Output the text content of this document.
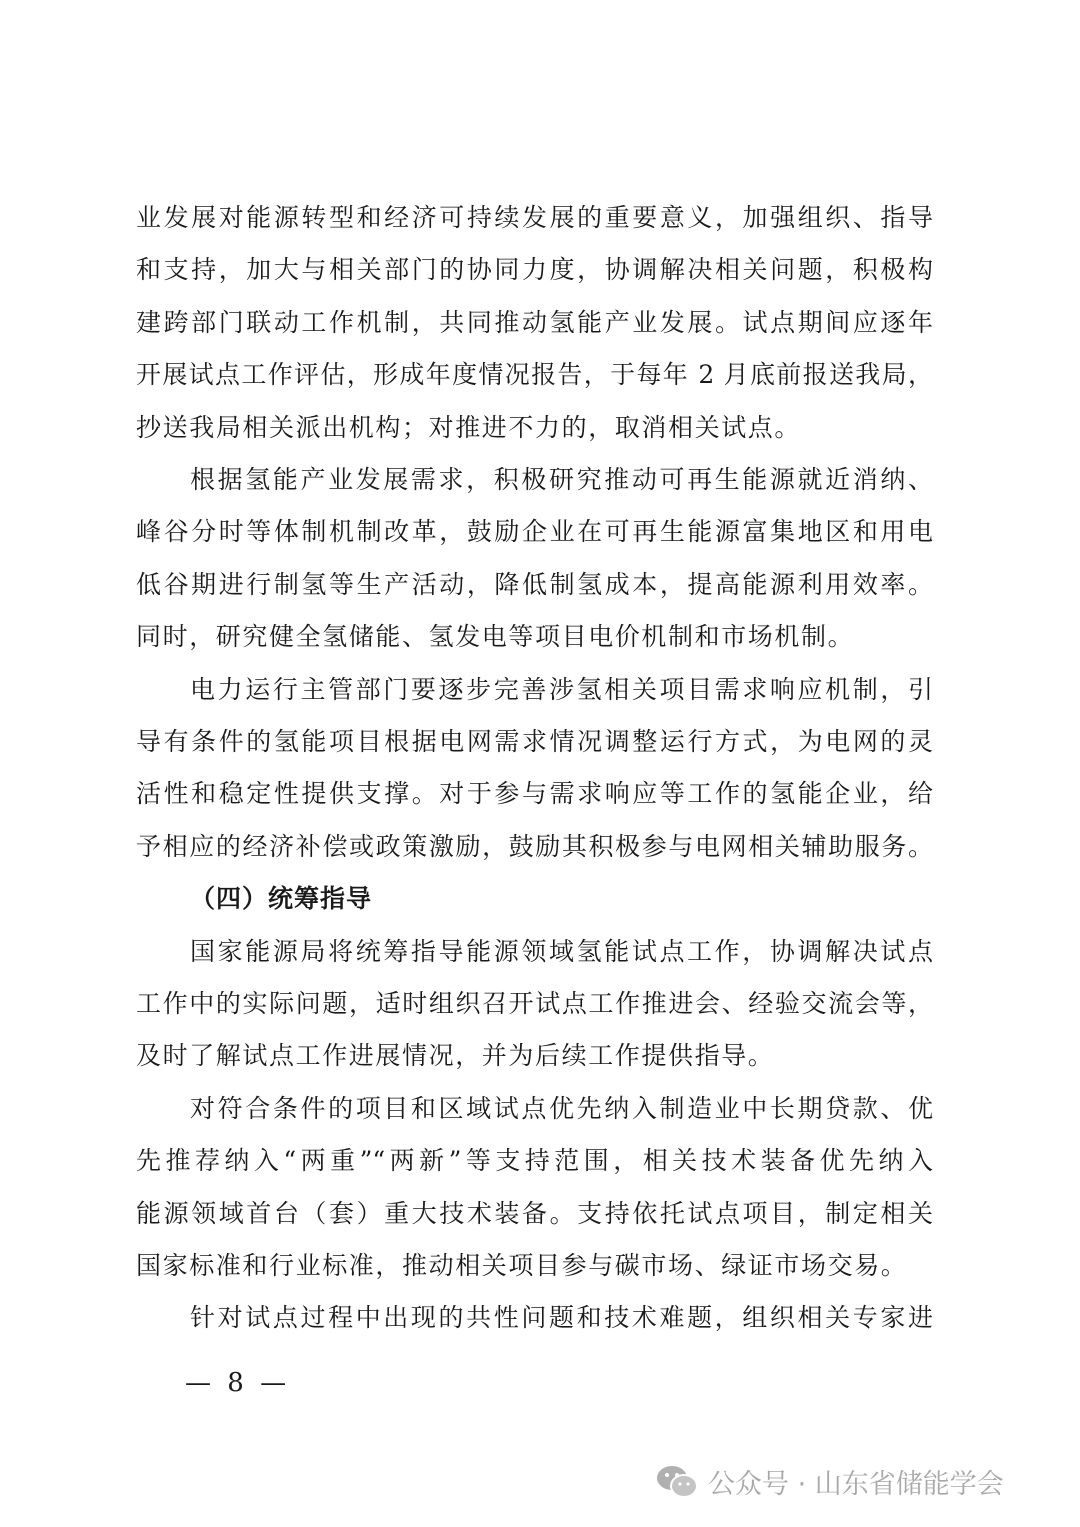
业发展对能源转型和经济可持续发展的重要意义，加强组织、指导
和支持，加大与相关部门的协同力度，协调解决相关问题，积极构
建跨部门联动工作机制，共同推动氢能产业发展。试点期间应逐年
开展试点工作评估，形成年度情况报告，于每年 2 月底前报送我局，
抄送我局相关派出机构；对推进不力的，取消相关试点。
根据氢能产业发展需求，积极研究推动可再生能源就近消纳、
峰谷分时等体制机制改革，鼓励企业在可再生能源富集地区和用电
低谷期进行制氢等生产活动，降低制氢成本，提高能源利用效率。
同时，研究健全氢储能、氢发电等项目电价机制和市场机制。
电力运行主管部门要逐步完善涉氢相关项目需求响应机制，引
导有条件的氢能项目根据电网需求情况调整运行方式，为电网的灵
活性和稳定性提供支撑。对于参与需求响应等工作的氢能企业，给
予相应的经济补偿或政策激励，鼓励其积极参与电网相关辅助服务。
（四）统筹指导
国家能源局将统筹指导能源领域氢能试点工作，协调解决试点
工作中的实际问题，适时组织召开试点工作推进会、经验交流会等，
及时了解试点工作进展情况，并为后续工作提供指导。
对符合条件的项目和区域试点优先纳入制造业中长期贷款、优
先推荐纳入“两重”“两新”等支持范围，相关技术装备优先纳入
能源领域首台（套）重大技术装备。支持依托试点项目，制定相关
国家标准和行业标准，推动相关项目参与碳市场、绿证市场交易。
针对试点过程中出现的共性问题和技术难题，组织相关专家进
— 8 —
公众号 · 山东省储能学会
